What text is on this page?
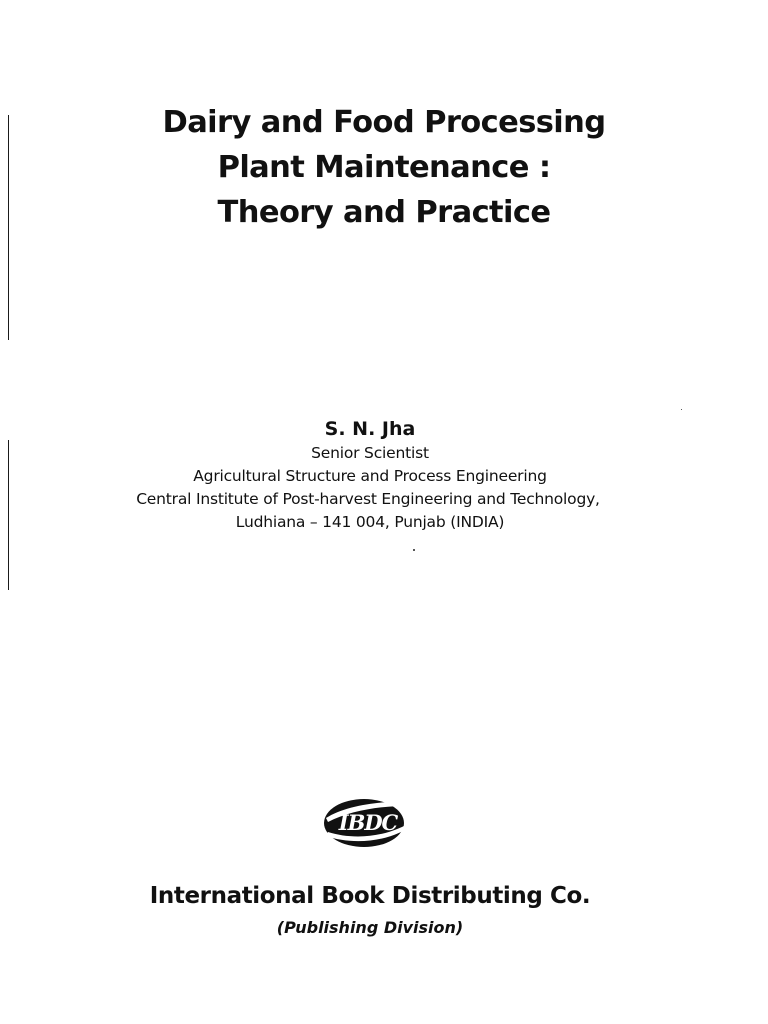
Dairy and Food Processing
Plant Maintenance :
Theory and Practice
S. N. Jha
Senior Scientist
Agricultural Structure and Process Engineering
Central Institute of Post-harvest Engineering and Technology,
Ludhiana – 141 004, Punjab (INDIA)
IBDC
International Book Distributing Co.
(Publishing Division)
